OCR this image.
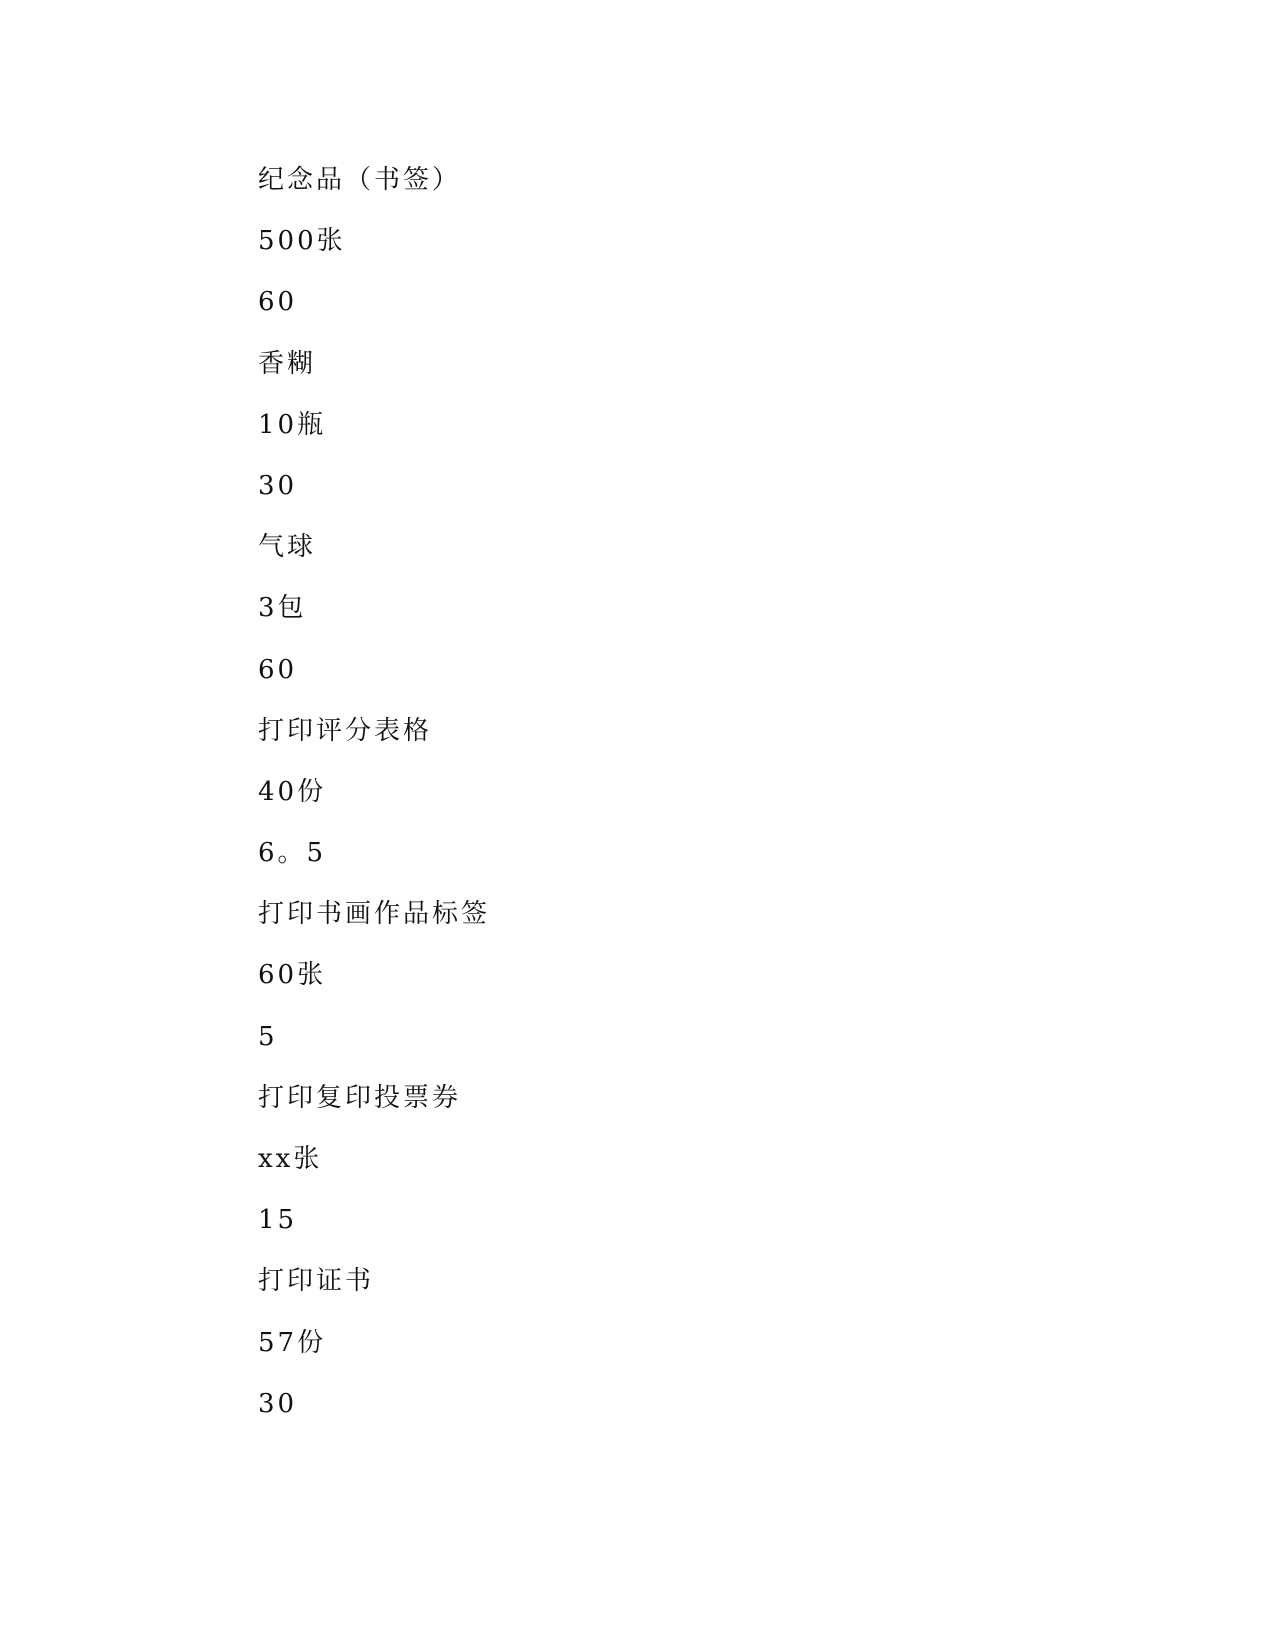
纪念品（书签）
500张
60
香糊
10瓶
30
气球
3包
60
打印评分表格
40份
6。5
打印书画作品标签
60张
5
打印复印投票券
xx张
15
打印证书
57份
30
